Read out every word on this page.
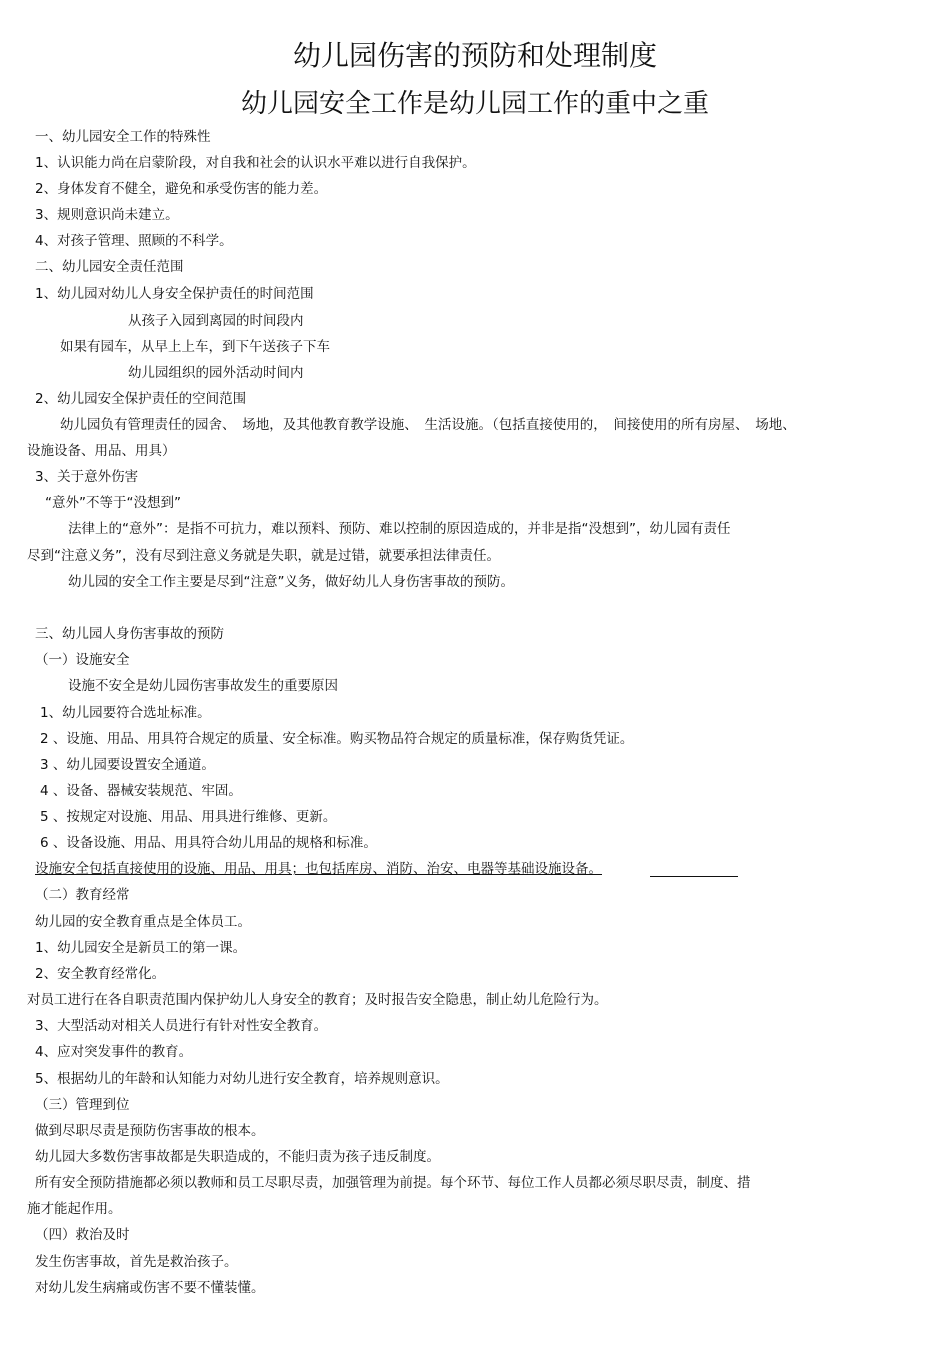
幼儿园伤害的预防和处理制度
幼儿园安全工作是幼儿园工作的重中之重
一、幼儿园安全工作的特殊性
1、认识能力尚在启蒙阶段，对自我和社会的认识水平难以进行自我保护。
2、身体发育不健全，避免和承受伤害的能力差。
3、规则意识尚未建立。
4、对孩子管理、照顾的不科学。
二、幼儿园安全责任范围
1、幼儿园对幼儿人身安全保护责任的时间范围
从孩子入园到离园的时间段内
如果有园车，从早上上车，到下午送孩子下车
幼儿园组织的园外活动时间内
2、幼儿园安全保护责任的空间范围
幼儿园负有管理责任的园舍、　场地，及其他教育教学设施、　生活设施。（包括直接使用的，　间接使用的所有房屋、　场地、
设施设备、用品、用具）
3、关于意外伤害
“意外”不等于“没想到”
法律上的“意外”：是指不可抗力，难以预料、预防、难以控制的原因造成的，并非是指“没想到”，幼儿园有责任
尽到“注意义务”，没有尽到注意义务就是失职，就是过错，就要承担法律责任。
幼儿园的安全工作主要是尽到“注意”义务，做好幼儿人身伤害事故的预防。
三、幼儿园人身伤害事故的预防
（一）设施安全
设施不安全是幼儿园伤害事故发生的重要原因
1、幼儿园要符合选址标准。
2 、设施、用品、用具符合规定的质量、安全标准。购买物品符合规定的质量标准，保存购货凭证。
3 、幼儿园要设置安全通道。
4 、设备、器械安装规范、牢固。
5 、按规定对设施、用品、用具进行维修、更新。
6 、设备设施、用品、用具符合幼儿用品的规格和标准。
设施安全包括直接使用的设施、用品、用具；也包括库房、消防、治安、电器等基础设施设备。
（二）教育经常
幼儿园的安全教育重点是全体员工。
1、幼儿园安全是新员工的第一课。
2、安全教育经常化。
对员工进行在各自职责范围内保护幼儿人身安全的教育；及时报告安全隐患，制止幼儿危险行为。
3、大型活动对相关人员进行有针对性安全教育。
4、应对突发事件的教育。
5、根据幼儿的年龄和认知能力对幼儿进行安全教育，培养规则意识。
（三）管理到位
做到尽职尽责是预防伤害事故的根本。
幼儿园大多数伤害事故都是失职造成的，不能归责为孩子违反制度。
所有安全预防措施都必须以教师和员工尽职尽责，加强管理为前提。每个环节、每位工作人员都必须尽职尽责，制度、措
施才能起作用。
（四）救治及时
发生伤害事故，首先是救治孩子。
对幼儿发生病痛或伤害不要不懂装懂。
